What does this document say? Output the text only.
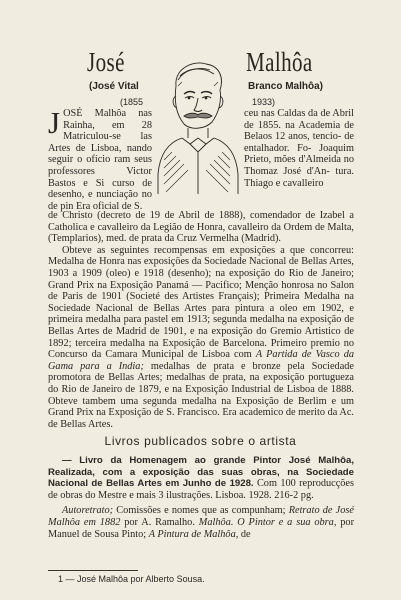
José	Malhôa
(José Vital	Branco Malhôa)
(1855	1933)
JOSÉ Malhôa nas Rainha, em 28 Matriculou-se las Artes de Lisboa, nando seguir o ofício ram seus professores Victor Bastos e Si curso de desenho, e nunciação no de pin Era oficial de S.
ceu nas Caldas da de Abril de 1855. na Academia de Belaos 12 anos, tencio- de entalhador. Fo- Joaquim Prieto, mões d'Almeida no Thomaz José d'An- tura. Thiago e cavalleiro

de Christo (decreto de 19 de Abril de 1888), comendador de Izabel a Catholica e cavalleiro da Legião de Honra, cavalleiro da Ordem de Malta, (Templarios), med. de prata da Cruz Vermelha (Madrid).

Obteve as seguintes recompensas em exposições a que concorreu: Medalha de Honra nas exposições da Sociedade Nacional de Bellas Artes, 1903 a 1909 (oleo) e 1918 (desenho); na exposição do Rio de Janeiro; Grand Prix na Exposição Panamá — Pacifico; Menção honrosa no Salon de Paris de 1901 (Societé des Artistes Français); Primeira Medalha na Sociedade Nacional de Bellas Artes para pintura a oleo em 1902, e primeira medalha para pastel em 1913; segunda medalha na exposição de Bellas Artes de Madrid de 1901, e na exposição do Gremio Artistico de 1892; terceira medalha na Exposição de Barcelona. Primeiro premio no Concurso da Camara Municipal de Lisboa com A Partida de Vasco da Gama para a India; medalhas de prata e bronze pela Sociedade promotora de Bellas Artes; medalhas de prata, na exposição portugueza do Rio de Janeiro de 1879, e na Exposição Industrial de Lisboa de 1888. Obteve tambem uma segunda medalha na Exposição de Berlim e um Grand Prix na Exposição de S. Francisco. Era academico de merito da Ac. de Bellas Artes.

Livros publicados sobre o artista

— Livro da Homenagem ao grande Pintor José Malhôa, Realizada, com a exposição das suas obras, na Sociedade Nacional de Bellas Artes em Junho de 1928. Com 100 reproducções de obras do Mestre e mais 3 ilustrações. Lisboa. 1928. 216-2 pg.

Autoretrato; Comissões e nomes que as compunham; Retrato de José Malhôa em 1882 por A. Ramalho. Malhôa. O Pintor e a sua obra, por Manuel de Sousa Pinto; A Pintura de Malhôa, de

1 — José Malhôa por Alberto Sousa.
